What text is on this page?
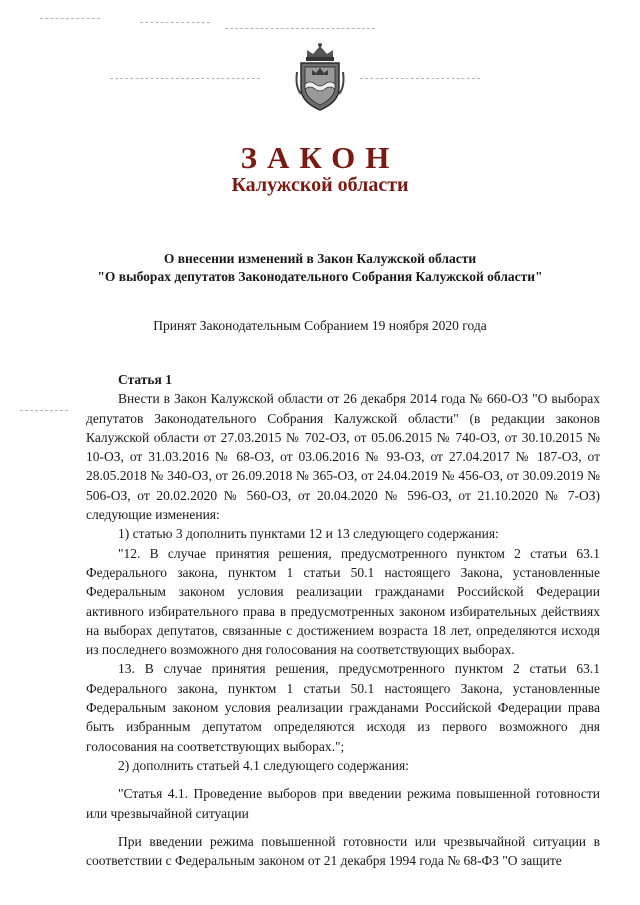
ЗАКОН
Калужской области
О внесении изменений в Закон Калужской области
"О выборах депутатов Законодательного Собрания Калужской области"
Принят Законодательным Собранием 19 ноября 2020 года

Статья 1

Внести в Закон Калужской области от 26 декабря 2014 года № 660-ОЗ "О выборах депутатов Законодательного Собрания Калужской области" (в редакции законов Калужской области от 27.03.2015 № 702-ОЗ, от 05.06.2015 № 740-ОЗ, от 30.10.2015 № 10-ОЗ, от 31.03.2016 № 68-ОЗ, от 03.06.2016 № 93-ОЗ, от 27.04.2017 № 187-ОЗ, от 28.05.2018 № 340-ОЗ, от 26.09.2018 № 365-ОЗ, от 24.04.2019 № 456-ОЗ, от 30.09.2019 № 506-ОЗ, от 20.02.2020 № 560-ОЗ, от 20.04.2020 № 596-ОЗ, от 21.10.2020 № 7-ОЗ) следующие изменения:

1) статью 3 дополнить пунктами 12 и 13 следующего содержания:

"12. В случае принятия решения, предусмотренного пунктом 2 статьи 63.1 Федерального закона, пунктом 1 статьи 50.1 настоящего Закона, установленные Федеральным законом условия реализации гражданами Российской Федерации активного избирательного права в предусмотренных законом избирательных действиях на выборах депутатов, связанные с достижением возраста 18 лет, определяются исходя из последнего возможного дня голосования на соответствующих выборах.

13. В случае принятия решения, предусмотренного пунктом 2 статьи 63.1 Федерального закона, пунктом 1 статьи 50.1 настоящего Закона, установленные Федеральным законом условия реализации гражданами Российской Федерации права быть избранным депутатом определяются исходя из первого возможного дня голосования на соответствующих выборах.";

2) дополнить статьей 4.1 следующего содержания:

"Статья 4.1. Проведение выборов при введении режима повышенной готовности или чрезвычайной ситуации

При введении режима повышенной готовности или чрезвычайной ситуации в соответствии с Федеральным законом от 21 декабря 1994 года № 68-ФЗ "О защите
